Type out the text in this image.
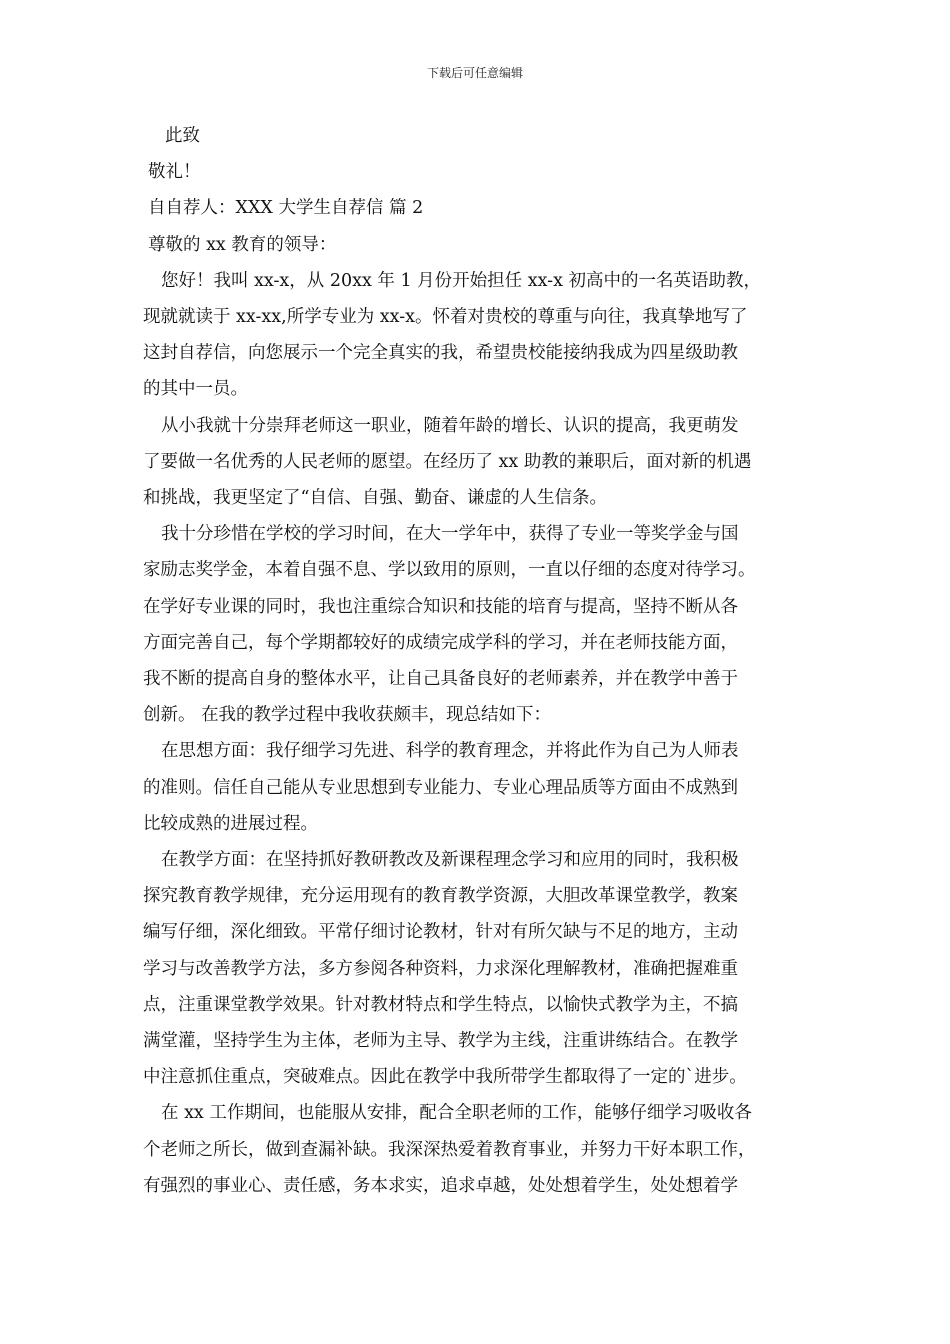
下载后可任意编辑
此致
敬礼！
自自荐人：XXX 大学生自荐信 篇 2
尊敬的 xx 教育的领导：
您好！我叫 xx-x，从 20xx 年 1 月份开始担任 xx-x 初高中的一名英语助教，
现就就读于 xx-xx,所学专业为 xx-x。怀着对贵校的尊重与向往，我真挚地写了
这封自荐信，向您展示一个完全真实的我，希望贵校能接纳我成为四星级助教
的其中一员。
从小我就十分崇拜老师这一职业，随着年龄的增长、认识的提高，我更萌发
了要做一名优秀的人民老师的愿望。在经历了 xx 助教的兼职后，面对新的机遇
和挑战，我更坚定了“自信、自强、勤奋、谦虚的人生信条。
我十分珍惜在学校的学习时间，在大一学年中，获得了专业一等奖学金与国
家励志奖学金，本着自强不息、学以致用的原则，一直以仔细的态度对待学习。
在学好专业课的同时，我也注重综合知识和技能的培育与提高，坚持不断从各
方面完善自己，每个学期都较好的成绩完成学科的学习，并在老师技能方面，
我不断的提高自身的整体水平，让自己具备良好的老师素养，并在教学中善于
创新。 在我的教学过程中我收获颇丰，现总结如下：
在思想方面：我仔细学习先进、科学的教育理念，并将此作为自己为人师表
的准则。信任自己能从专业思想到专业能力、专业心理品质等方面由不成熟到
比较成熟的进展过程。
在教学方面：在坚持抓好教研教改及新课程理念学习和应用的同时，我积极
探究教育教学规律，充分运用现有的教育教学资源，大胆改革课堂教学，教案
编写仔细，深化细致。平常仔细讨论教材，针对有所欠缺与不足的地方，主动
学习与改善教学方法，多方参阅各种资料，力求深化理解教材，准确把握难重
点，注重课堂教学效果。针对教材特点和学生特点，以愉快式教学为主，不搞
满堂灌，坚持学生为主体，老师为主导、教学为主线，注重讲练结合。在教学
中注意抓住重点，突破难点。因此在教学中我所带学生都取得了一定的`进步。
在 xx 工作期间，也能服从安排，配合全职老师的工作，能够仔细学习吸收各
个老师之所长，做到查漏补缺。我深深热爱着教育事业，并努力干好本职工作，
有强烈的事业心、责任感，务本求实，追求卓越，处处想着学生，处处想着学
